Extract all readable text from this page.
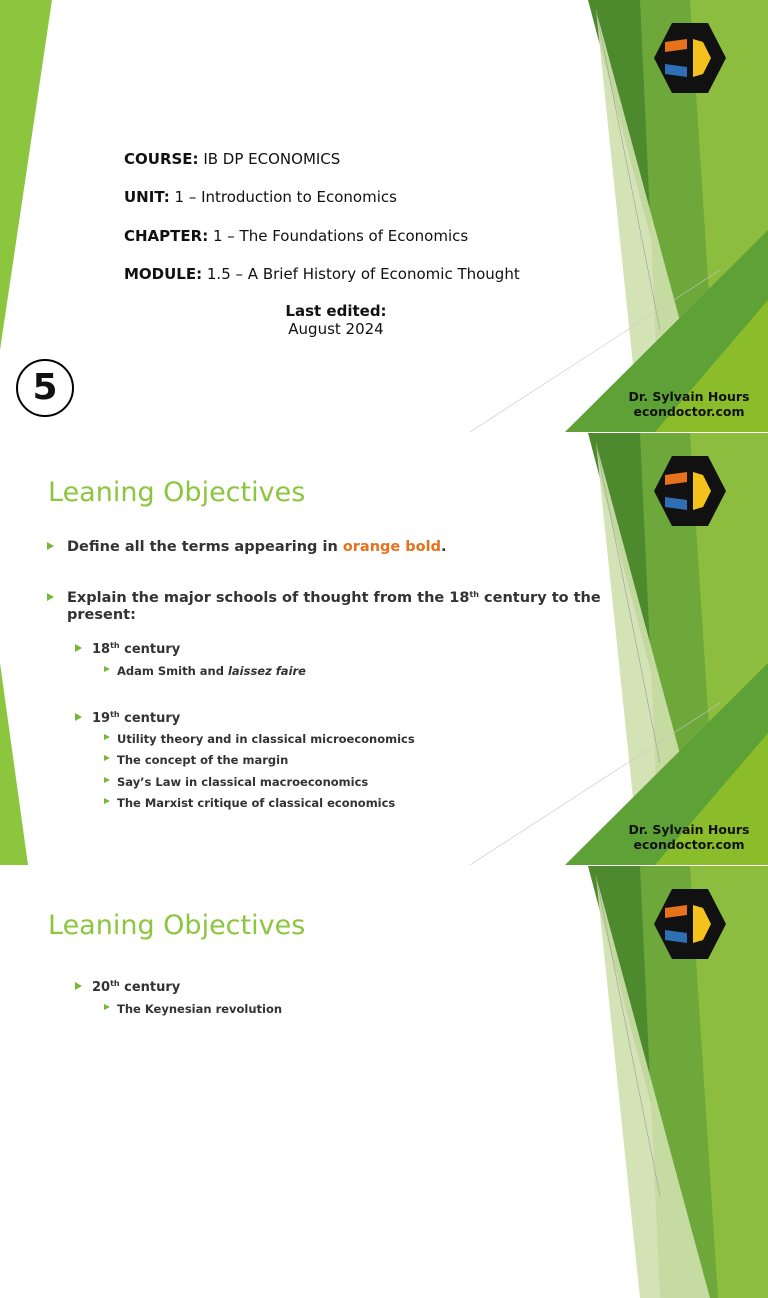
COURSE: IB DP ECONOMICS

UNIT: 1 – Introduction to Economics

CHAPTER: 1 – The Foundations of Economics

MODULE: 1.5 – A Brief History of Economic Thought

Last edited:
August 2024
5	Dr. Sylvain Hours
econdoctor.com
Leaning Objectives
Define all the terms appearing in orange bold.
Explain the major schools of thought from the 18th century to the
present:
18th century
Adam Smith and laissez faire
19th century
Utility theory and in classical microeconomics
The concept of the margin
Say’s Law in classical macroeconomics
The Marxist critique of classical economics
Dr. Sylvain Hours
econdoctor.com
Leaning Objectives
20th century
The Keynesian revolution
